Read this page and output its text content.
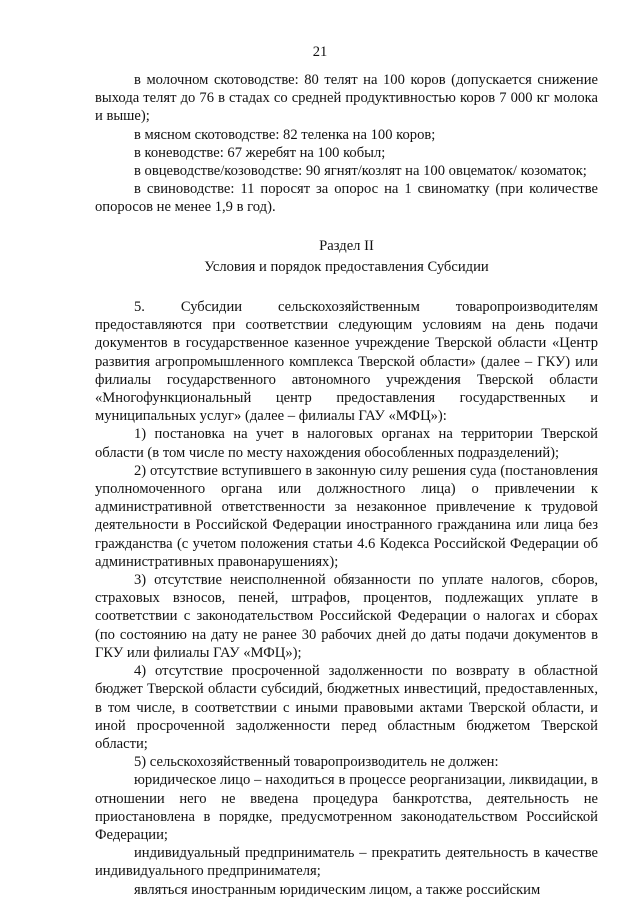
21

в молочном скотоводстве: 80 телят на 100 коров (допускается снижение выхода телят до 76 в стадах со средней продуктивностью коров 7 000 кг молока и выше);

в мясном скотоводстве: 82 теленка на 100 коров;

в коневодстве: 67 жеребят на 100 кобыл;

в овцеводстве/козоводстве: 90 ягнят/козлят на 100 овцематок/ козоматок;

в свиноводстве: 11 поросят за опорос на 1 свиноматку (при количестве опоросов не менее 1,9 в год).

Раздел II

Условия и порядок предоставления Субсидии

5. Субсидии сельскохозяйственным товаропроизводителям предоставляются при соответствии следующим условиям на день подачи документов в государственное казенное учреждение Тверской области «Центр развития агропромышленного комплекса Тверской области» (далее – ГКУ) или филиалы государственного автономного учреждения Тверской области «Многофункциональный центр предоставления государственных и муниципальных услуг» (далее – филиалы ГАУ «МФЦ»):

1) постановка на учет в налоговых органах на территории Тверской области (в том числе по месту нахождения обособленных подразделений);

2) отсутствие вступившего в законную силу решения суда (постановления уполномоченного органа или должностного лица) о привлечении к административной ответственности за незаконное привлечение к трудовой деятельности в Российской Федерации иностранного гражданина или лица без гражданства (с учетом положения статьи 4.6 Кодекса Российской Федерации об административных правонарушениях);

3) отсутствие неисполненной обязанности по уплате налогов, сборов, страховых взносов, пеней, штрафов, процентов, подлежащих уплате в соответствии с законодательством Российской Федерации о налогах и сборах (по состоянию на дату не ранее 30 рабочих дней до даты подачи документов в ГКУ или филиалы ГАУ «МФЦ»);

4) отсутствие просроченной задолженности по возврату в областной бюджет Тверской области субсидий, бюджетных инвестиций, предоставленных, в том числе, в соответствии с иными правовыми актами Тверской области, и иной просроченной задолженности перед областным бюджетом Тверской области;

5) сельскохозяйственный товаропроизводитель не должен:

юридическое лицо – находиться в процессе реорганизации, ликвидации, в отношении него не введена процедура банкротства, деятельность не приостановлена в порядке, предусмотренном законодательством Российской Федерации;

индивидуальный предприниматель – прекратить деятельность в качестве индивидуального предпринимателя;

являться иностранным юридическим лицом, а также российским
